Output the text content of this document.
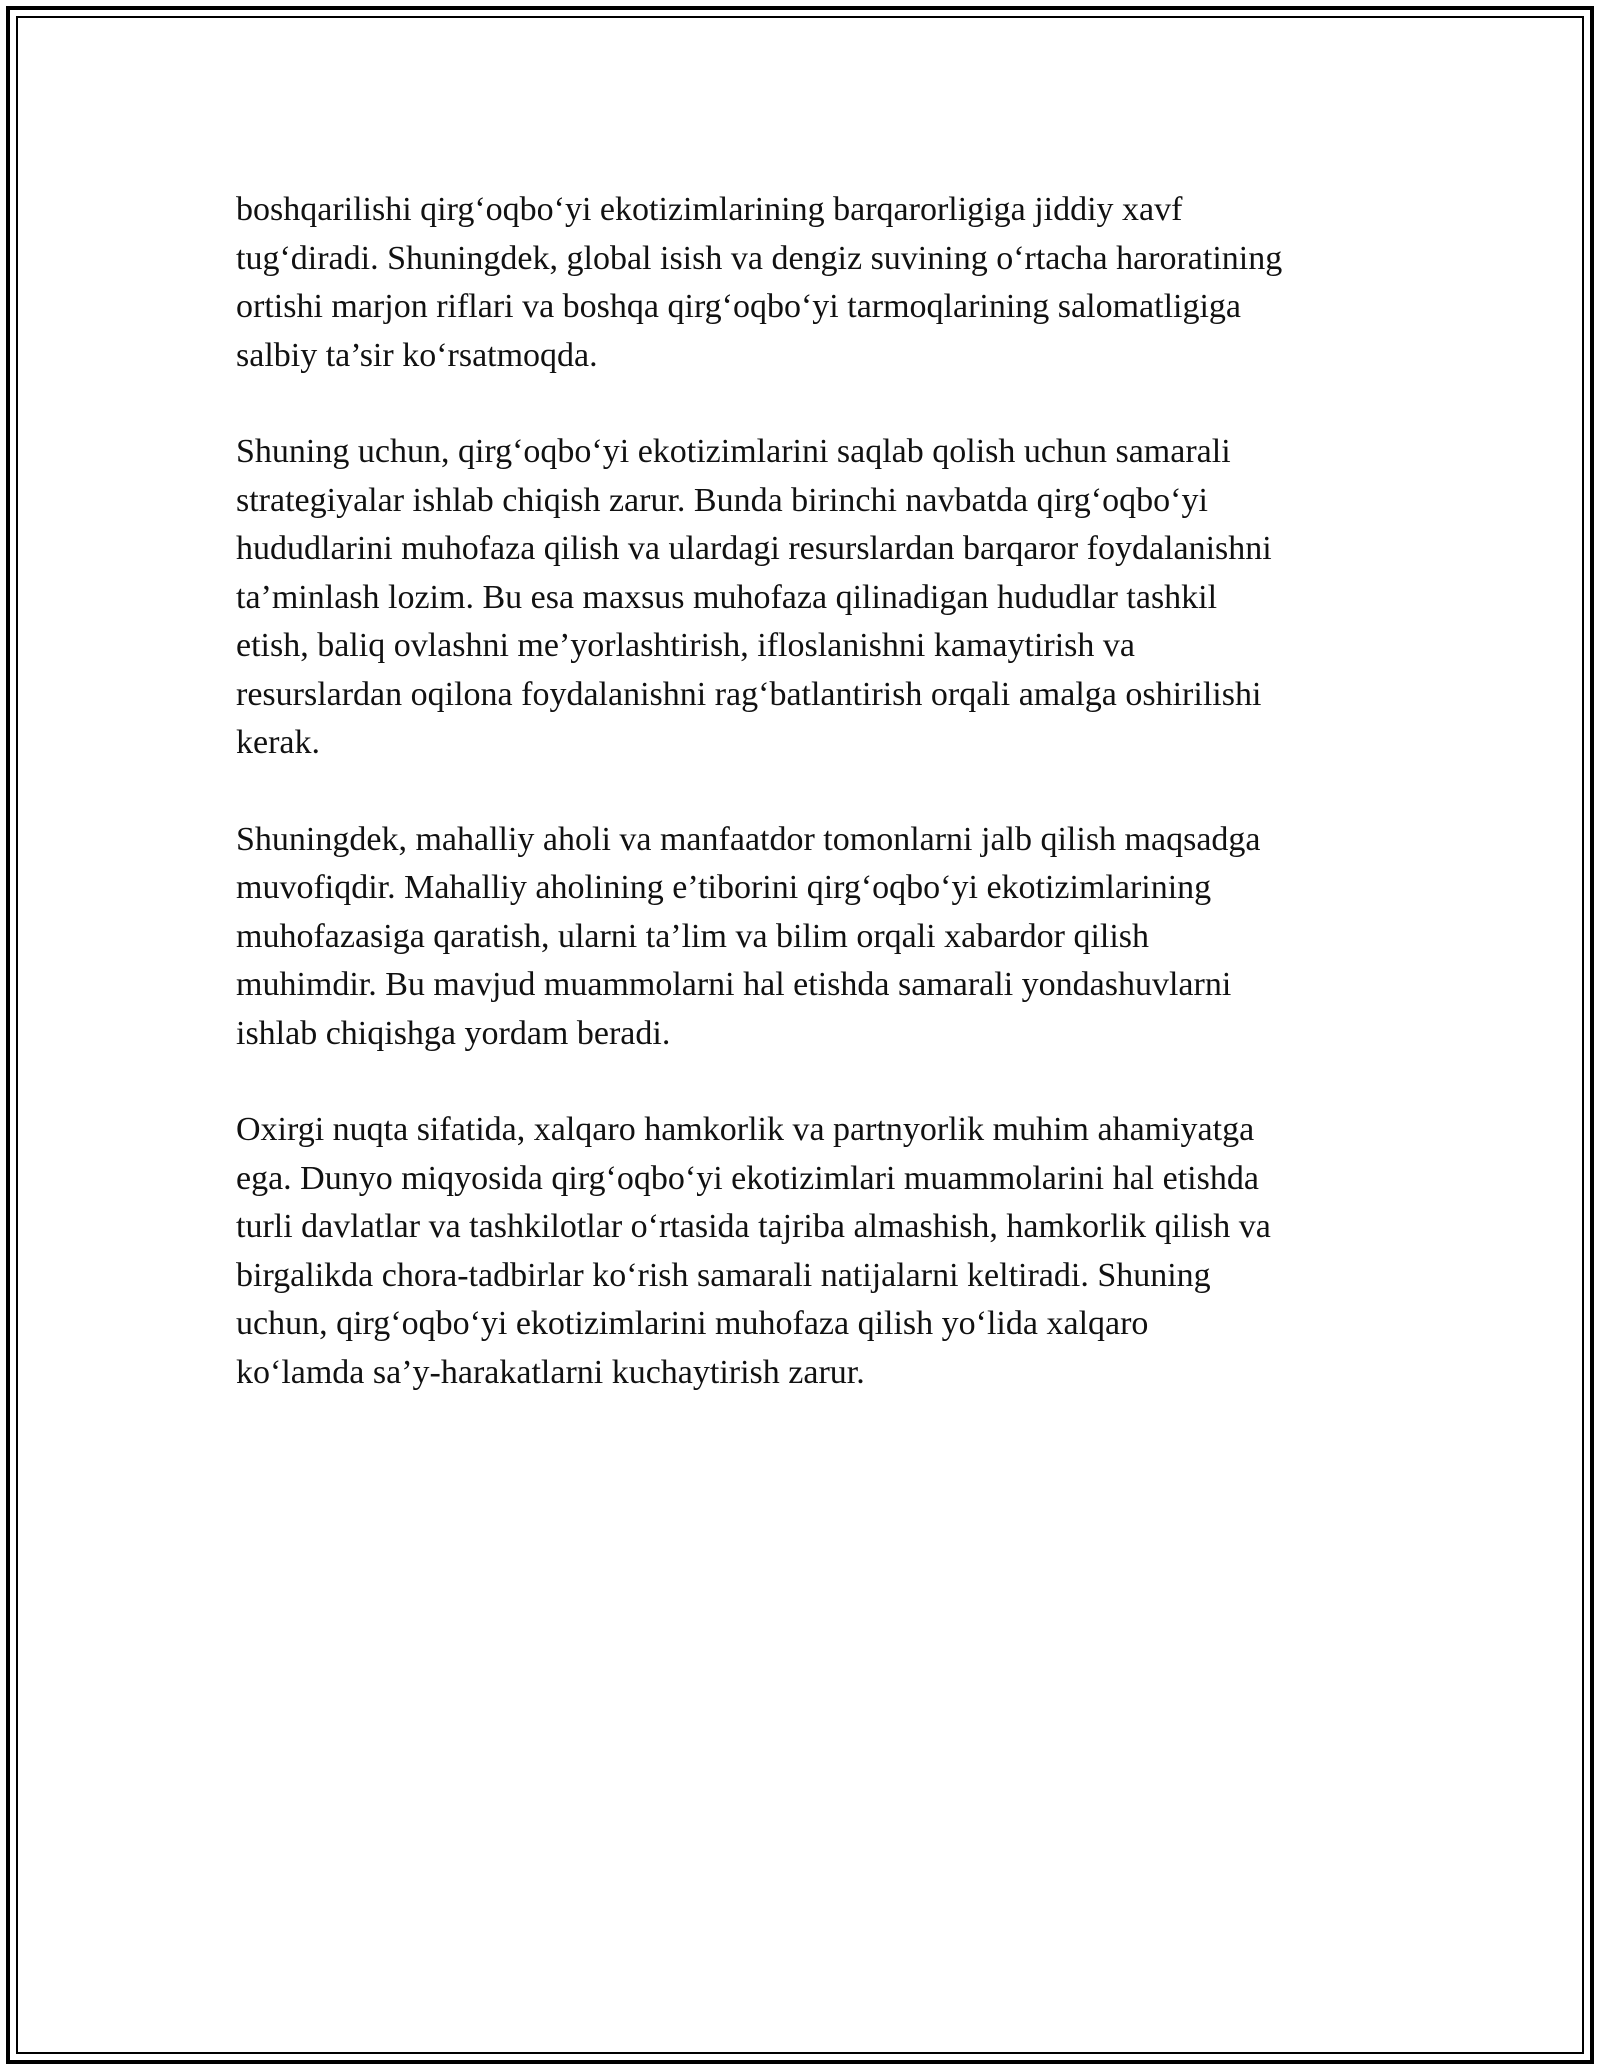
boshqarilishi qirg‘oqbo‘yi ekotizimlarining barqarorligiga jiddiy xavf
tug‘diradi. Shuningdek, global isish va dengiz suvining o‘rtacha haroratining
ortishi marjon riflari va boshqa qirg‘oqbo‘yi tarmoqlarining salomatligiga
salbiy ta’sir ko‘rsatmoqda.

Shuning uchun, qirg‘oqbo‘yi ekotizimlarini saqlab qolish uchun samarali
strategiyalar ishlab chiqish zarur. Bunda birinchi navbatda qirg‘oqbo‘yi
hududlarini muhofaza qilish va ulardagi resurslardan barqaror foydalanishni
ta’minlash lozim. Bu esa maxsus muhofaza qilinadigan hududlar tashkil
etish, baliq ovlashni me’yorlashtirish, ifloslanishni kamaytirish va
resurslardan oqilona foydalanishni rag‘batlantirish orqali amalga oshirilishi
kerak.

Shuningdek, mahalliy aholi va manfaatdor tomonlarni jalb qilish maqsadga
muvofiqdir. Mahalliy aholining e’tiborini qirg‘oqbo‘yi ekotizimlarining
muhofazasiga qaratish, ularni ta’lim va bilim orqali xabardor qilish
muhimdir. Bu mavjud muammolarni hal etishda samarali yondashuvlarni
ishlab chiqishga yordam beradi.

Oxirgi nuqta sifatida, xalqaro hamkorlik va partnyorlik muhim ahamiyatga
ega. Dunyo miqyosida qirg‘oqbo‘yi ekotizimlari muammolarini hal etishda
turli davlatlar va tashkilotlar o‘rtasida tajriba almashish, hamkorlik qilish va
birgalikda chora-tadbirlar ko‘rish samarali natijalarni keltiradi. Shuning
uchun, qirg‘oqbo‘yi ekotizimlarini muhofaza qilish yo‘lida xalqaro
ko‘lamda sa’y-harakatlarni kuchaytirish zarur.
